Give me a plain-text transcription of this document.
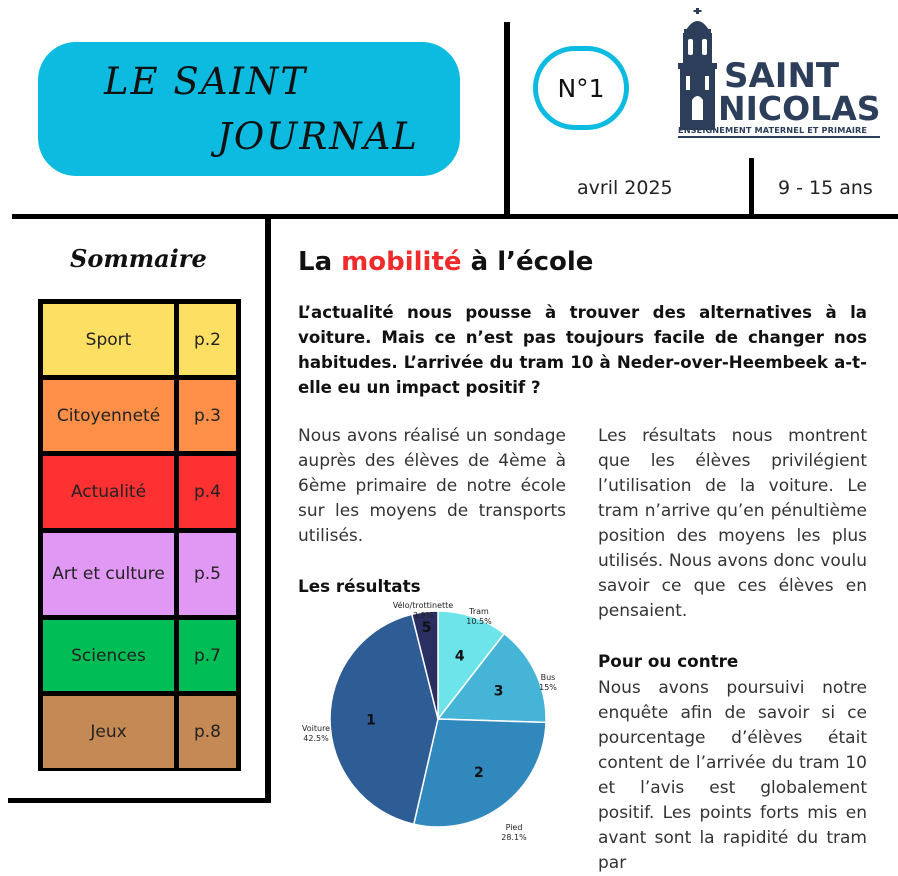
LE SAINT
JOURNAL
N°1
avril 2025	9 - 15 ans
SAINT
NICOLAS
ENSEIGNEMENT MATERNEL ET PRIMAIRE
Sommaire
Sport	p.2
Citoyenneté	p.3
Actualité	p.4
Art et culture	p.5
Sciences	p.7
Jeux	p.8
La mobilité à l’école
L’actualité nous pousse à trouver des alternatives à la voiture. Mais ce n’est pas toujours facile de changer nos habitudes. L’arrivée du tram 10 à Neder-over-Heembeek a-t-elle eu un impact positif ?
Nous avons réalisé un sondage auprès des élèves de 4ème à 6ème primaire de notre école sur les moyens de transports utilisés.
Les résultats nous montrent que les élèves privilégient l’utilisation de la voiture. Le tram n’arrive qu’en pénultième position des moyens les plus utilisés. Nous avons donc voulu savoir ce que ces élèves en pensaient.
Les résultats
Pour ou contre
Nous avons poursuivi notre enquête afin de savoir si ce pourcentage d’élèves était content de l’arrivée du tram 10 et l’avis est globalement positif. Les points forts mis en avant sont la rapidité du tram par
4
Tram
10.5%
3
Bus
15%
2
Pied
28.1%
1
Voiture
42.5%
5
Vélo/trottinette
3,9%
